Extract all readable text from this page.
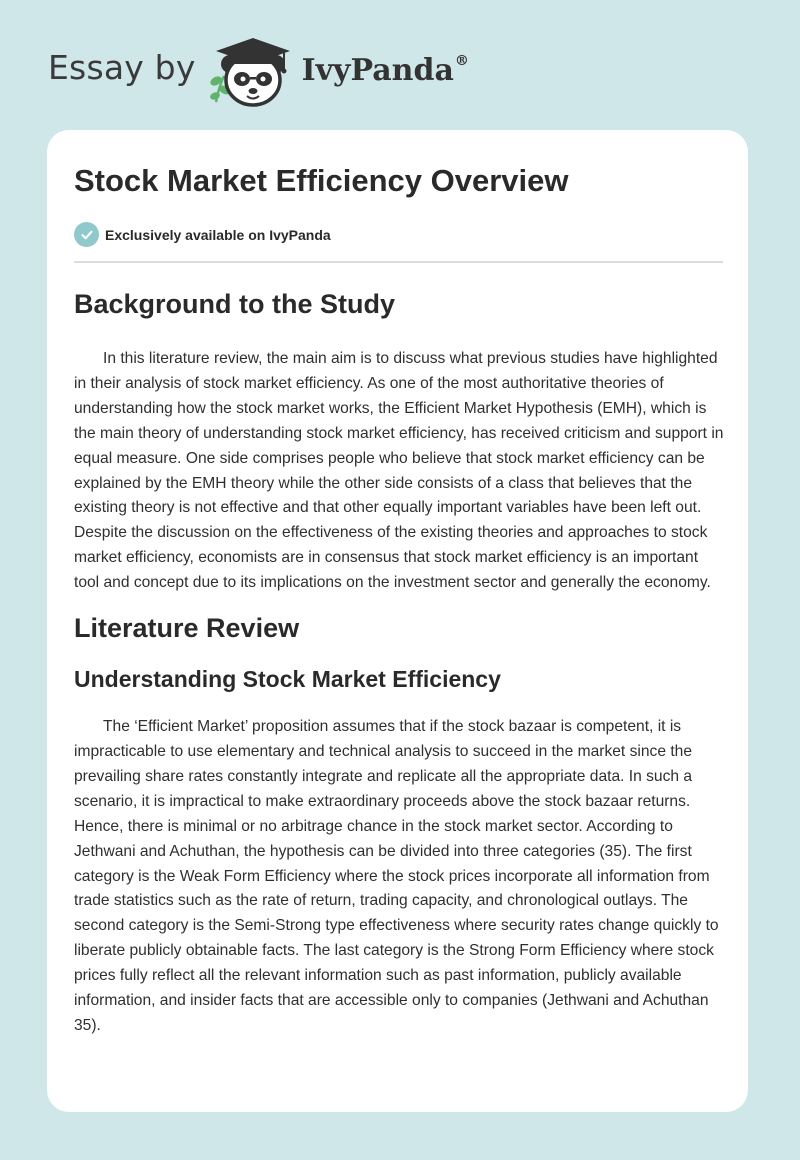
Essay by	IvyPanda®
Stock Market Efficiency Overview
Exclusively available on IvyPanda
Background to the Study

In this literature review, the main aim is to discuss what previous studies have highlighted in their analysis of stock market efficiency. As one of the most authoritative theories of understanding how the stock market works, the Efficient Market Hypothesis (EMH), which is the main theory of understanding stock market efficiency, has received criticism and support in equal measure. One side comprises people who believe that stock market efficiency can be explained by the EMH theory while the other side consists of a class that believes that the existing theory is not effective and that other equally important variables have been left out. Despite the discussion on the effectiveness of the existing theories and approaches to stock market efficiency, economists are in consensus that stock market efficiency is an important tool and concept due to its implications on the investment sector and generally the economy.

Literature Review
Understanding Stock Market Efficiency

The ‘Efficient Market’ proposition assumes that if the stock bazaar is competent, it is impracticable to use elementary and technical analysis to succeed in the market since the prevailing share rates constantly integrate and replicate all the appropriate data. In such a scenario, it is impractical to make extraordinary proceeds above the stock bazaar returns. Hence, there is minimal or no arbitrage chance in the stock market sector. According to Jethwani and Achuthan, the hypothesis can be divided into three categories (35). The first category is the Weak Form Efficiency where the stock prices incorporate all information from trade statistics such as the rate of return, trading capacity, and chronological outlays. The second category is the Semi-Strong type effectiveness where security rates change quickly to liberate publicly obtainable facts. The last category is the Strong Form Efficiency where stock prices fully reflect all the relevant information such as past information, publicly available information, and insider facts that are accessible only to companies (Jethwani and Achuthan 35).
